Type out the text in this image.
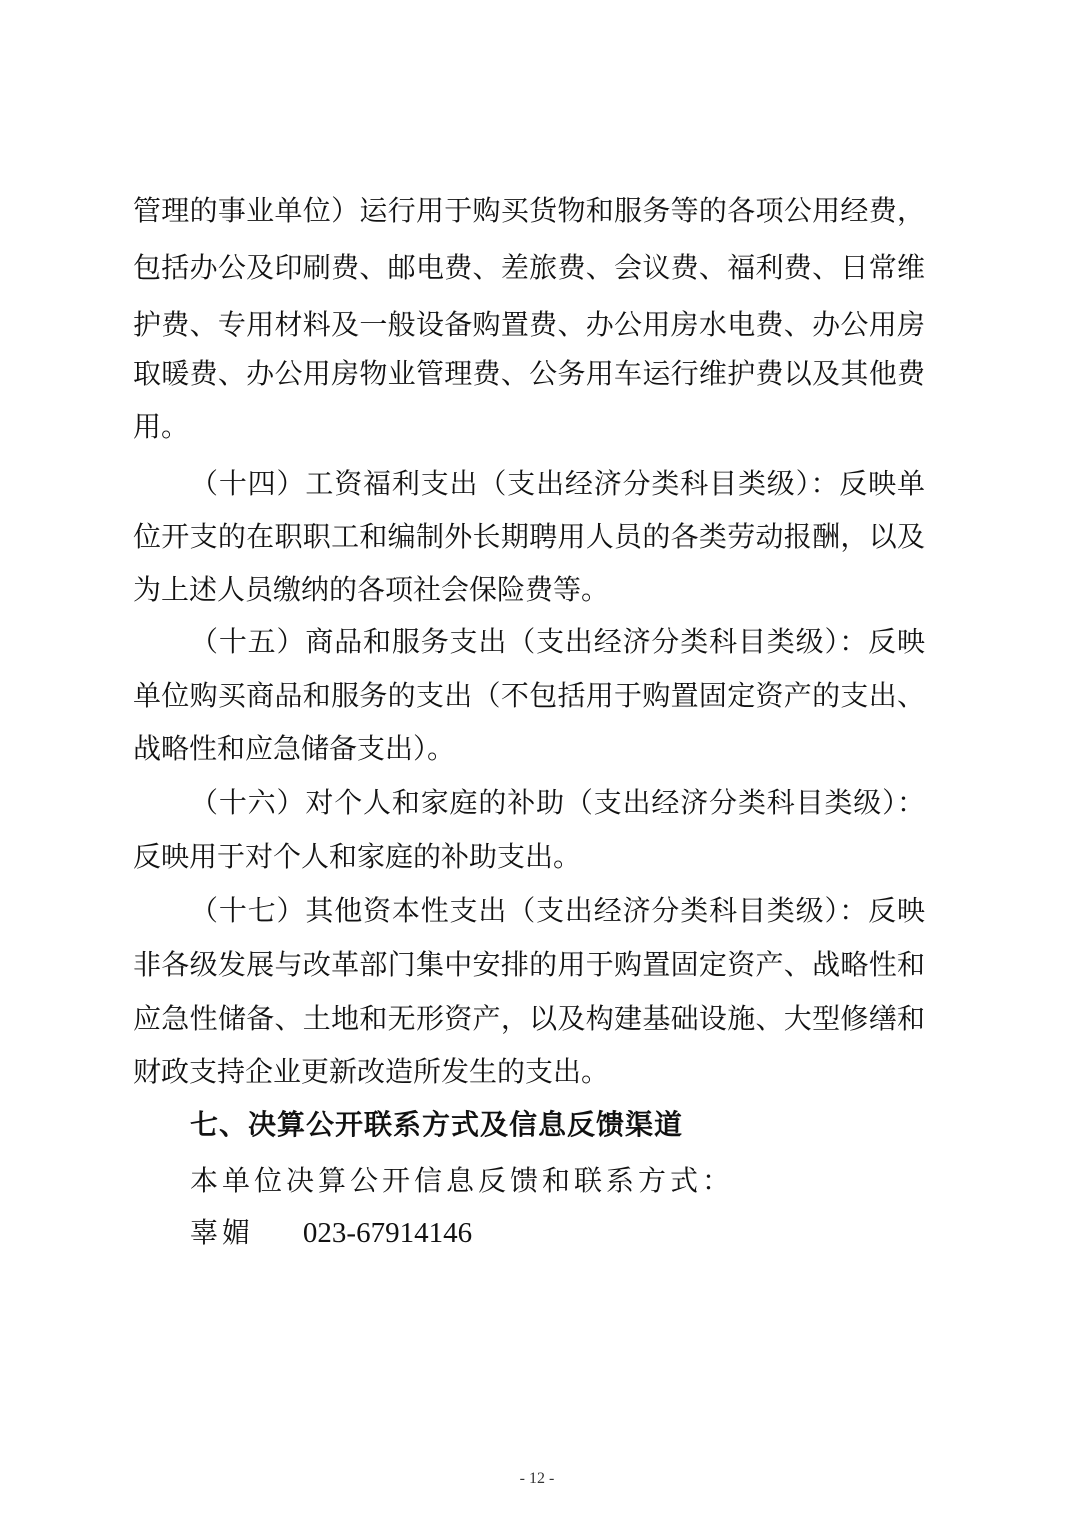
管理的事业单位）运行用于购买货物和服务等的各项公用经费，
包括办公及印刷费、邮电费、差旅费、会议费、福利费、日常维
护费、专用材料及一般设备购置费、办公用房水电费、办公用房
取暖费、办公用房物业管理费、公务用车运行维护费以及其他费
用。
（十四）工资福利支出（支出经济分类科目类级）：反映单
位开支的在职职工和编制外长期聘用人员的各类劳动报酬，以及
为上述人员缴纳的各项社会保险费等。
（十五）商品和服务支出（支出经济分类科目类级）：反映
单位购买商品和服务的支出（不包括用于购置固定资产的支出、
战略性和应急储备支出）。
（十六）对个人和家庭的补助（支出经济分类科目类级）：
反映用于对个人和家庭的补助支出。
（十七）其他资本性支出（支出经济分类科目类级）：反映
非各级发展与改革部门集中安排的用于购置固定资产、战略性和
应急性储备、土地和无形资产，以及构建基础设施、大型修缮和
财政支持企业更新改造所发生的支出。
七、决算公开联系方式及信息反馈渠道
本单位决算公开信息反馈和联系方式：
辜媚 023-67914146
- 12 -
